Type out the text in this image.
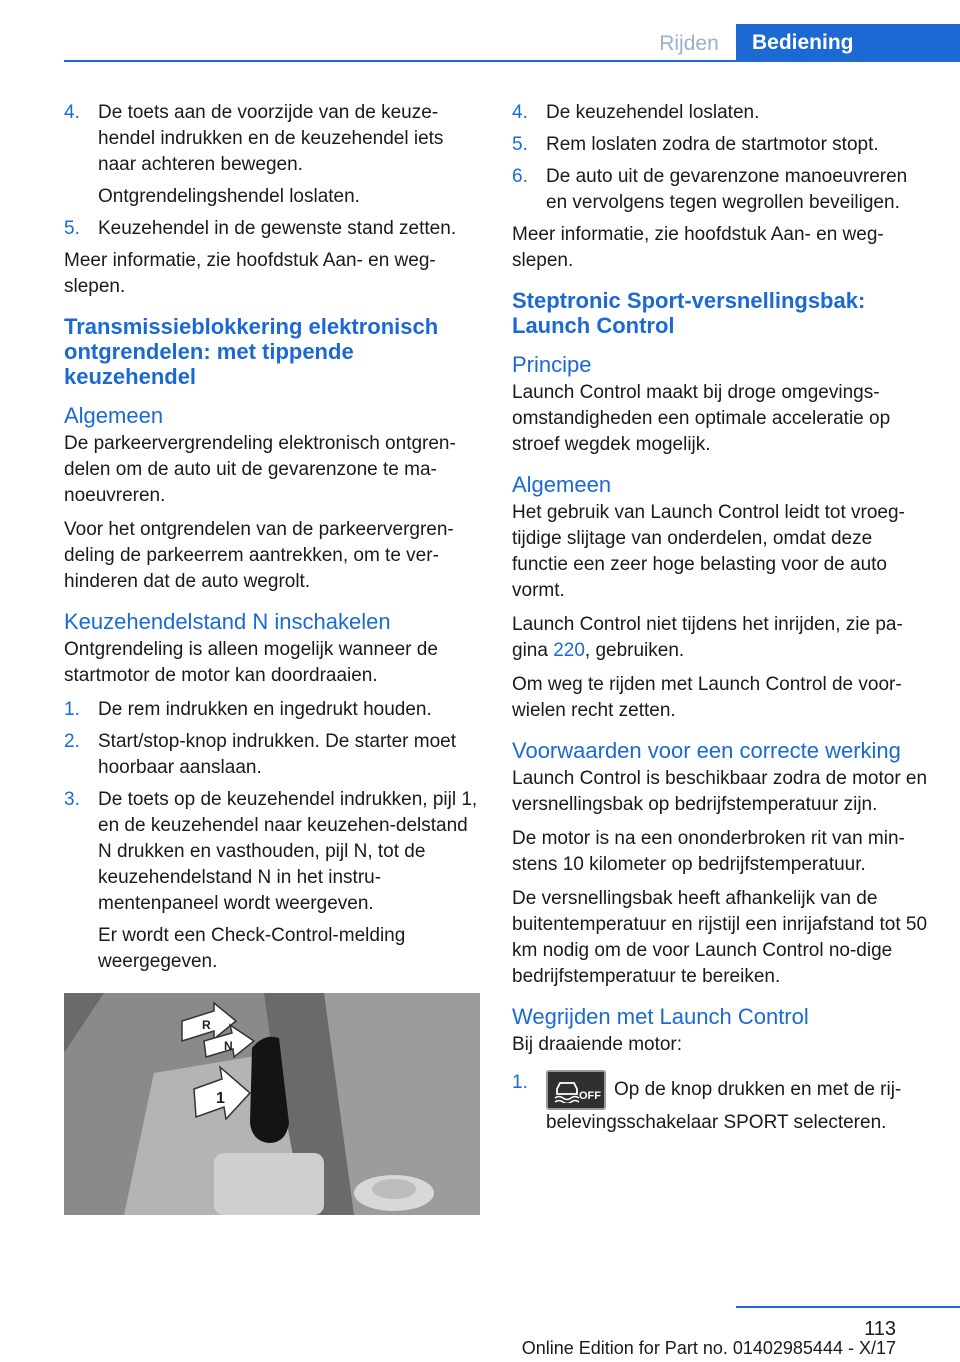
Rijden	Bediening
4. De toets aan de voorzijde van de keuze-hendel indrukken en de keuzehendel iets naar achteren bewegen.

Ontgrendelingshendel loslaten.

5. Keuzehendel in de gewenste stand zetten.

Meer informatie, zie hoofdstuk Aan- en weg-slepen.

Transmissieblokkering elektronisch ontgrendelen: met tippende keuzehendel
Algemeen

De parkeervergrendeling elektronisch ontgren-delen om de auto uit de gevarenzone te ma-noeuvreren.

Voor het ontgrendelen van de parkeervergren-deling de parkeerrem aantrekken, om te ver-hinderen dat de auto wegrolt.

Keuzehendelstand N inschakelen

Ontgrendeling is alleen mogelijk wanneer de startmotor de motor kan doordraaien.

1. De rem indrukken en ingedrukt houden.

2. Start/stop-knop indrukken. De starter moet hoorbaar aanslaan.

3. De toets op de keuzehendel indrukken, pijl 1, en de keuzehendel naar keuzehen-delstand N drukken en vasthouden, pijl N, tot de keuzehendelstand N in het instru-mentenpaneel wordt weergeven.

Er wordt een Check-Control-melding weergegeven.

R
N
1
4. De keuzehendel loslaten.

5. Rem loslaten zodra de startmotor stopt.

6. De auto uit de gevarenzone manoeuvreren en vervolgens tegen wegrollen beveiligen.

Meer informatie, zie hoofdstuk Aan- en weg-slepen.

Steptronic Sport-versnellingsbak: Launch Control
Principe

Launch Control maakt bij droge omgevings-omstandigheden een optimale acceleratie op stroef wegdek mogelijk.

Algemeen

Het gebruik van Launch Control leidt tot vroeg-tijdige slijtage van onderdelen, omdat deze functie een zeer hoge belasting voor de auto vormt.

Launch Control niet tijdens het inrijden, zie pa-gina 220, gebruiken.

Om weg te rijden met Launch Control de voor-wielen recht zetten.

Voorwaarden voor een correcte werking

Launch Control is beschikbaar zodra de motor en versnellingsbak op bedrijfstemperatuur zijn.

De motor is na een ononderbroken rit van min-stens 10 kilometer op bedrijfstemperatuur.

De versnellingsbak heeft afhankelijk van de buitentemperatuur en rijstijl een inrijafstand tot 50 km nodig om de voor Launch Control no-dige bedrijfstemperatuur te bereiken.

Wegrijden met Launch Control

Bij draaiende motor:

1.
OFF Op de knop drukken en met de rij-belevingsschakelaar SPORT selecteren.
113
Online Edition for Part no. 01402985444 - X/17
